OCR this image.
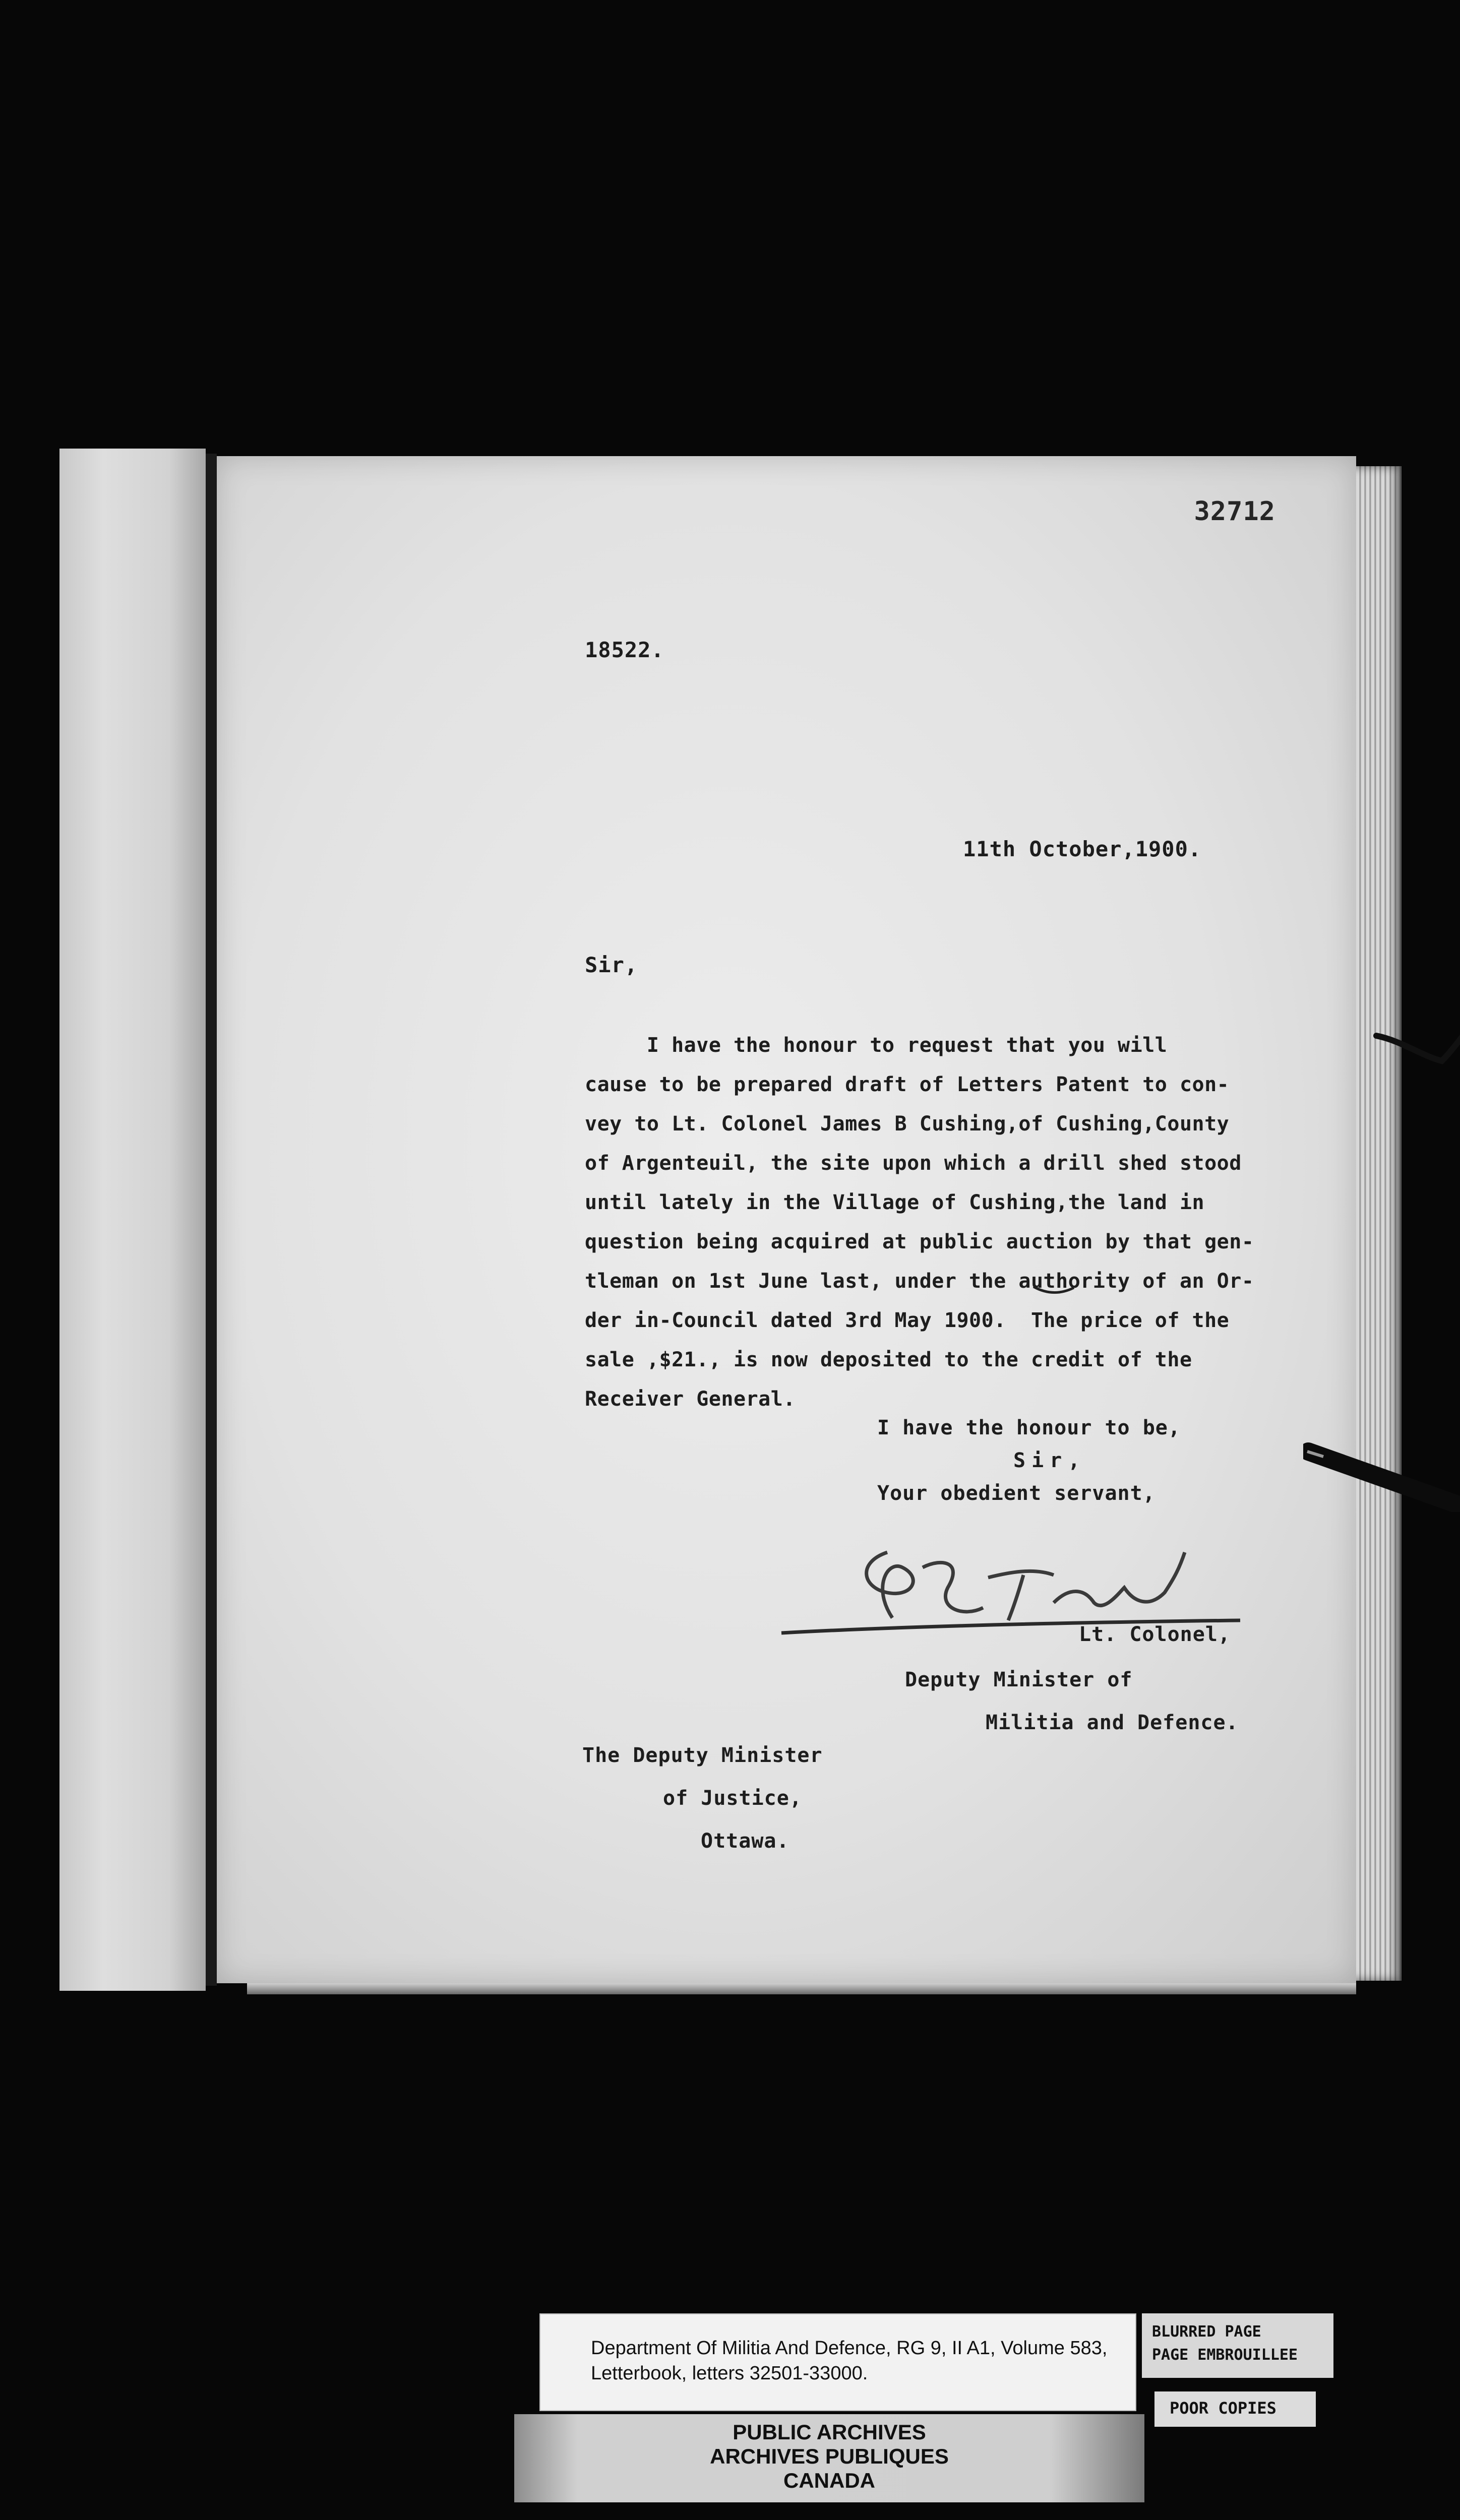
32712
18522.
11th October,1900.
Sir,
I have the honour to request that you will
cause to be prepared draft of Letters Patent to con-
vey to Lt. Colonel James B Cushing,of Cushing,County
of Argenteuil, the site upon which a drill shed stood
until lately in the Village of Cushing,the land in
question being acquired at public auction by that gen-
tleman on 1st June last, under the authority of an Or-
der in-Council dated 3rd May 1900.  The price of the
sale ,$21., is now deposited to the credit of the
Receiver General.
I have the honour to be,
Sir,
Your obedient servant,
Lt. Colonel,
Deputy Minister of
Militia and Defence.
The Deputy Minister
of Justice,
Ottawa.
Department Of Militia And Defence, RG 9, II A1, Volume 583,
Letterbook, letters 32501-33000.
BLURRED PAGE
PAGE EMBROUILLEE
POOR COPIES
PUBLIC ARCHIVES
ARCHIVES PUBLIQUES
CANADA
